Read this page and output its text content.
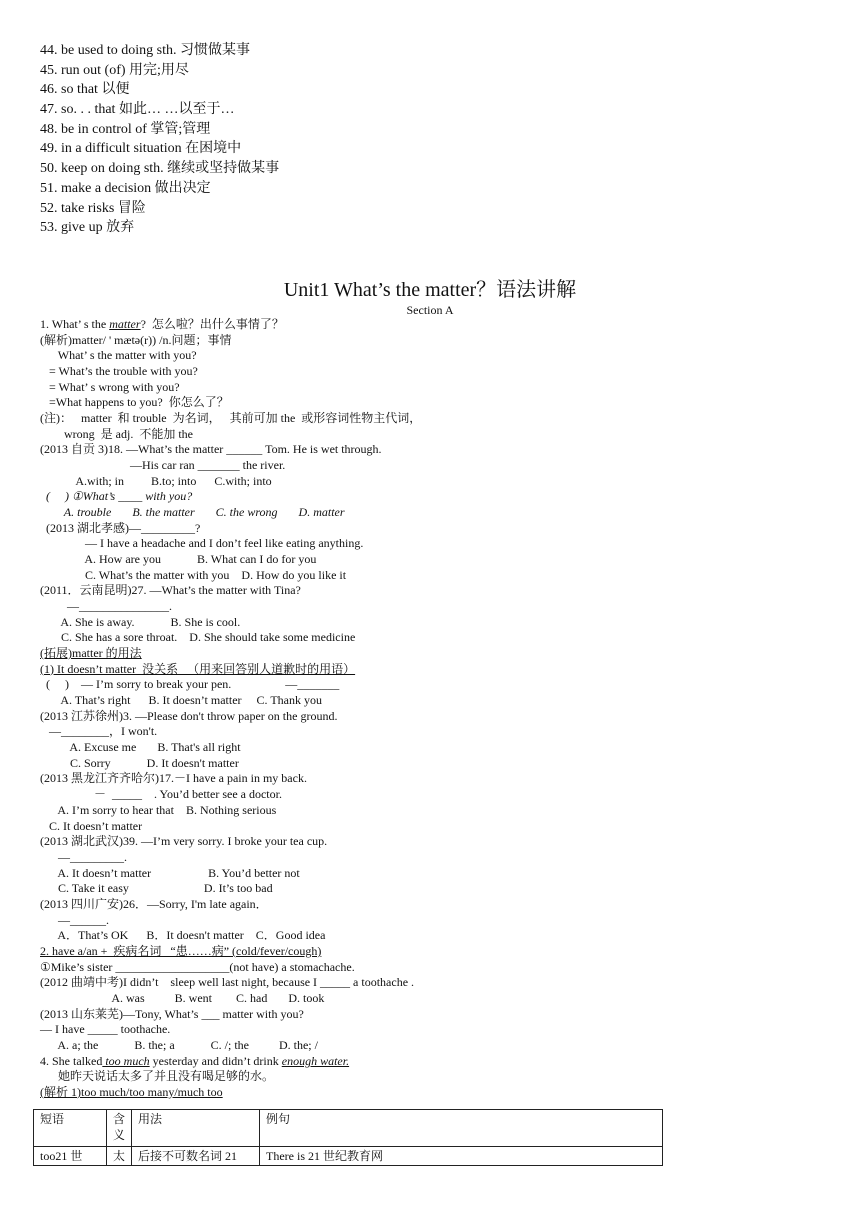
44. be used to doing sth. 习惯做某事
45. run out (of) 用完;用尽
46. so that 以便
47. so. . . that 如此… …以至于…
48. be in control of 掌管;管理
49. in a difficult situation 在困境中
50. keep on doing sth. 继续或坚持做某事
51. make a decision 做出决定
52. take risks 冒险
53. give up 放弃
Unit1 What’s the matter？语法讲解
Section A
1. What’ s the matter?  怎么啦？出什么事情了？
(解析)matter/ ' mætə(r)) /n.问题；事情
What’ s the matter with you?
= What’s the trouble with you?
= What’ s wrong with you?
=What happens to you?  你怎么了？
(注)：   matter  和 trouble  为名词，   其前可加 the  或形容词性物主代词，
wrong  是 adj.  不能加 the
(2013 自贡 3)18. —What’s the matter ______ Tom. He is wet through.
—His car ran _______ the river.
A.with; in         B.to; into      C.with; into
(     ) ①What’s ____ with you?
A. trouble       B. the matter       C. the wrong       D. matter
(2013 湖北孝感)—_________?
— I have a headache and I don’t feel like eating anything.
A. How are you            B. What can I do for you
C. What’s the matter with you    D. How do you like it
(2011．云南昆明)27. —What’s the matter with Tina?
—_______________.
A. She is away.            B. She is cool.
C. She has a sore throat.    D. She should take some medicine
(拓展)matter 的用法
(1) It doesn’t matter  没关系   （用来回答别人道歉时的用语）
(     )    — I’m sorry to break your pen.                  —_______
A. That’s right      B. It doesn’t matter     C. Thank you
(2013 江苏徐州)3. —Please don't throw paper on the ground.
—________，I won't.
A. Excuse me       B. That's all right
C. Sorry            D. It doesn't matter
(2013 黑龙江齐齐哈尔)17.－I have a pain in my back.
－  _____    . You’d better see a doctor.
A. I’m sorry to hear that    B. Nothing serious
C. It doesn’t matter
(2013 湖北武汉)39. —I’m very sorry. I broke your tea cup.
—_________.
A. It doesn’t matter                   B. You’d better not
C. Take it easy                         D. It’s too bad
(2013 四川广安)26．—Sorry, I'm late again．
—______.
A．That’s OK      B．It doesn't matter    C．Good idea
2. have a/an +  疾病名词   “患……病” (cold/fever/cough)
①Mike’s sister ___________________(not have) a stomachache.
(2012 曲靖中考)I didn’t    sleep well last night, because I _____ a toothache .
A. was          B. went        C. had       D. took
(2013 山东莱芜)—Tony, What’s ___ matter with you?
— I have _____ toothache.
A. a; the            B. the; a            C. /; the          D. the; /
4. She talked too much yesterday and didn’t drink enough water.
她昨天说话太多了并且没有喝足够的水。
(解析 1)too much/too many/much too
短语	含义	用法	例句
too21 世	太	后接不可数名词 21	There is 21 世纪教育网
